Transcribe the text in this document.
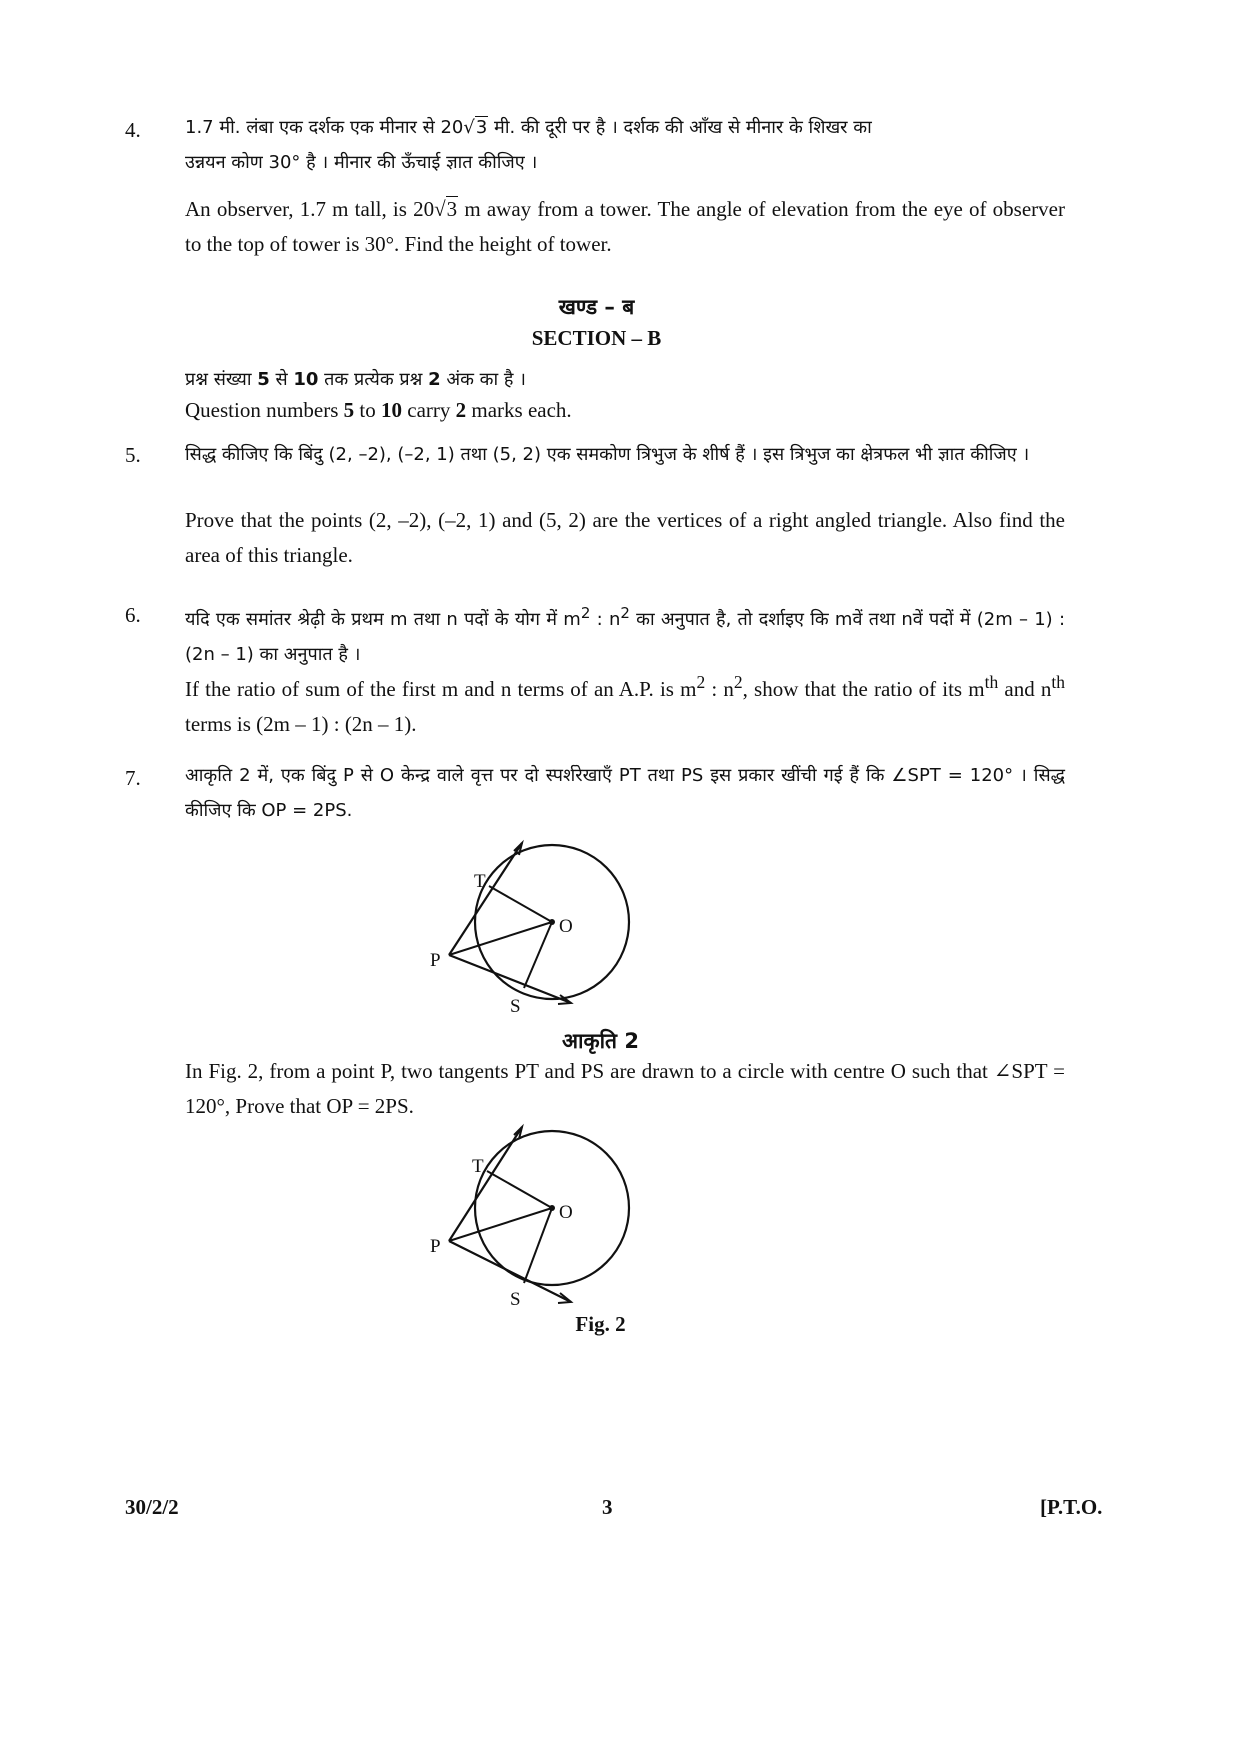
4. 1.7 मी. लंबा एक दर्शक एक मीनार से 20√3 मी. की दूरी पर है । दर्शक की आँख से मीनार के शिखर का
उन्नयन कोण 30° है । मीनार की ऊँचाई ज्ञात कीजिए ।
An observer, 1.7 m tall, is 20√3 m away from a tower. The angle of elevation from the eye of observer to the top of tower is 30°. Find the height of tower.
खण्ड – ब
SECTION – B
प्रश्न संख्या 5 से 10 तक प्रत्येक प्रश्न 2 अंक का है ।
Question numbers 5 to 10 carry 2 marks each.
5. सिद्ध कीजिए कि बिंदु (2, –2), (–2, 1) तथा (5, 2) एक समकोण त्रिभुज के शीर्ष हैं । इस त्रिभुज का क्षेत्रफल भी ज्ञात कीजिए ।
Prove that the points (2, –2), (–2, 1) and (5, 2) are the vertices of a right angled triangle. Also find the area of this triangle.
6. यदि एक समांतर श्रेढ़ी के प्रथम m तथा n पदों के योग में $m^2$ : $n^2$ का अनुपात है, तो दर्शाइए कि mवें तथा nवें पदों में (2m – 1) : (2n – 1) का अनुपात है ।
If the ratio of sum of the first m and n terms of an A.P. is $m^2$ : $n^2$, show that the ratio of its $m^{th}$ and $n^{th}$ terms is (2m – 1) : (2n – 1).
7. आकृति 2 में, एक बिंदु P से O केन्द्र वाले वृत्त पर दो स्पर्शरेखाएँ PT तथा PS इस प्रकार खींची गई हैं कि ∠SPT = 120° । सिद्ध कीजिए कि OP = 2PS.
T
O
P
S
आकृति 2
In Fig. 2, from a point P, two tangents PT and PS are drawn to a circle with centre O such that ∠SPT = 120°, Prove that OP = 2PS.
T
O
P
S
Fig. 2
30/2/2	3	[P.T.O.
